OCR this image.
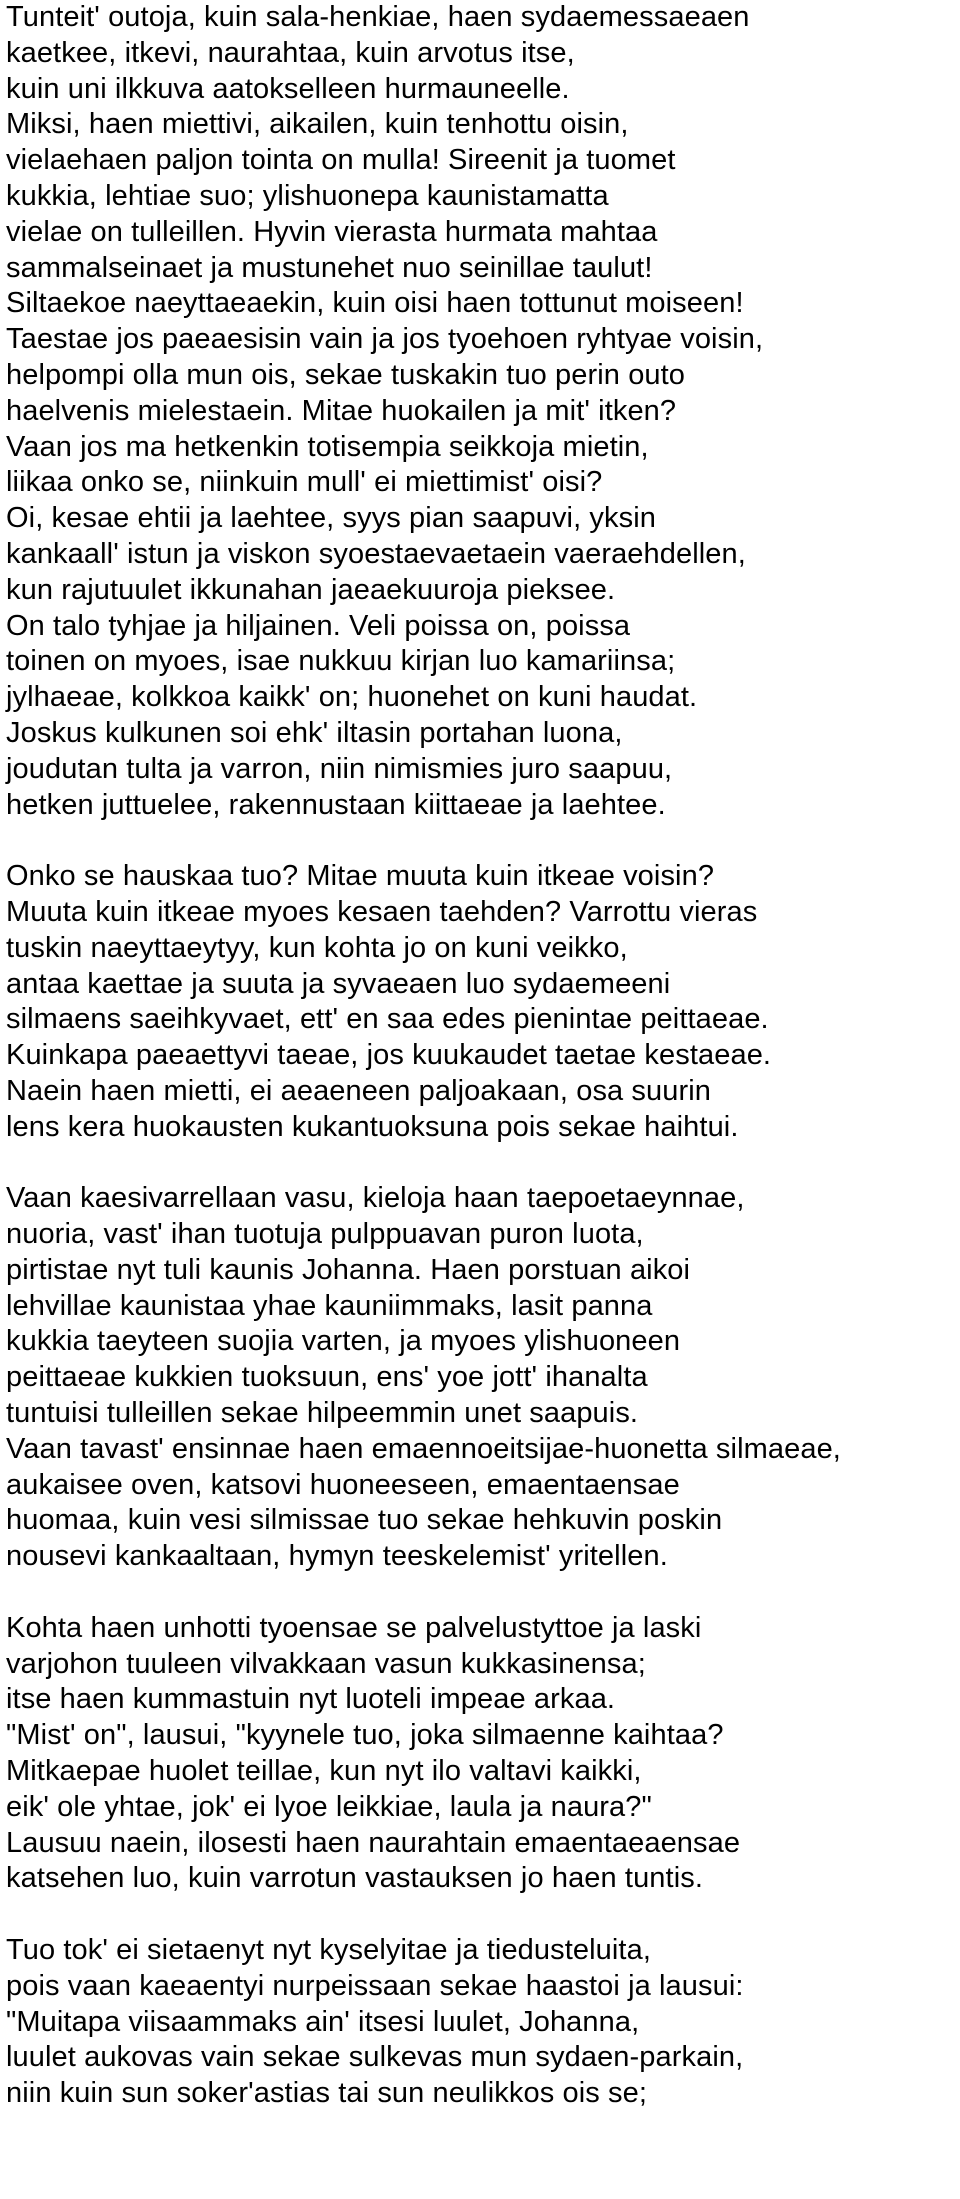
Tunteit' outoja, kuin sala-henkiae, haen sydaemessaeaen
kaetkee, itkevi, naurahtaa, kuin arvotus itse,
kuin uni ilkkuva aatokselleen hurmauneelle.
Miksi, haen miettivi, aikailen, kuin tenhottu oisin,
vielaehaen paljon tointa on mulla! Sireenit ja tuomet
kukkia, lehtiae suo; ylishuonepa kaunistamatta
vielae on tulleillen. Hyvin vierasta hurmata mahtaa
sammalseinaet ja mustunehet nuo seinillae taulut!
Siltaekoe naeyttaeaekin, kuin oisi haen tottunut moiseen!
Taestae jos paeaesisin vain ja jos tyoehoen ryhtyae voisin,
helpompi olla mun ois, sekae tuskakin tuo perin outo
haelvenis mielestaein. Mitae huokailen ja mit' itken?
Vaan jos ma hetkenkin totisempia seikkoja mietin,
liikaa onko se, niinkuin mull' ei miettimist' oisi?
Oi, kesae ehtii ja laehtee, syys pian saapuvi, yksin
kankaall' istun ja viskon syoestaevaetaein vaeraehdellen,
kun rajutuulet ikkunahan jaeaekuuroja pieksee.
On talo tyhjae ja hiljainen. Veli poissa on, poissa
toinen on myoes, isae nukkuu kirjan luo kamariinsa;
jylhaeae, kolkkoa kaikk' on; huonehet on kuni haudat.
Joskus kulkunen soi ehk' iltasin portahan luona,
joudutan tulta ja varron, niin nimismies juro saapuu,
hetken juttuelee, rakennustaan kiittaeae ja laehtee.
Onko se hauskaa tuo? Mitae muuta kuin itkeae voisin?
Muuta kuin itkeae myoes kesaen taehden? Varrottu vieras
tuskin naeyttaeytyy, kun kohta jo on kuni veikko,
antaa kaettae ja suuta ja syvaeaen luo sydaemeeni
silmaens saeihkyvaet, ett' en saa edes pienintae peittaeae.
Kuinkapa paeaettyvi taeae, jos kuukaudet taetae kestaeae.
Naein haen mietti, ei aeaeneen paljoakaan, osa suurin
lens kera huokausten kukantuoksuna pois sekae haihtui.
Vaan kaesivarrellaan vasu, kieloja haan taepoetaeynnae,
nuoria, vast' ihan tuotuja pulppuavan puron luota,
pirtistae nyt tuli kaunis Johanna. Haen porstuan aikoi
lehvillae kaunistaa yhae kauniimmaks, lasit panna
kukkia taeyteen suojia varten, ja myoes ylishuoneen
peittaeae kukkien tuoksuun, ens' yoe jott' ihanalta
tuntuisi tulleillen sekae hilpeemmin unet saapuis.
Vaan tavast' ensinnae haen emaennoeitsijae-huonetta silmaeae,
aukaisee oven, katsovi huoneeseen, emaentaensae
huomaa, kuin vesi silmissae tuo sekae hehkuvin poskin
nousevi kankaaltaan, hymyn teeskelemist' yritellen.
Kohta haen unhotti tyoensae se palvelustyttoe ja laski
varjohon tuuleen vilvakkaan vasun kukkasinensa;
itse haen kummastuin nyt luoteli impeae arkaa.
"Mist' on", lausui, "kyynele tuo, joka silmaenne kaihtaa?
Mitkaepae huolet teillae, kun nyt ilo valtavi kaikki,
eik' ole yhtae, jok' ei lyoe leikkiae, laula ja naura?"
Lausuu naein, ilosesti haen naurahtain emaentaeaensae
katsehen luo, kuin varrotun vastauksen jo haen tuntis.
Tuo tok' ei sietaenyt nyt kyselyitae ja tiedusteluita,
pois vaan kaeaentyi nurpeissaan sekae haastoi ja lausui:
"Muitapa viisaammaks ain' itsesi luulet, Johanna,
luulet aukovas vain sekae sulkevas mun sydaen-parkain,
niin kuin sun soker'astias tai sun neulikkos ois se;
